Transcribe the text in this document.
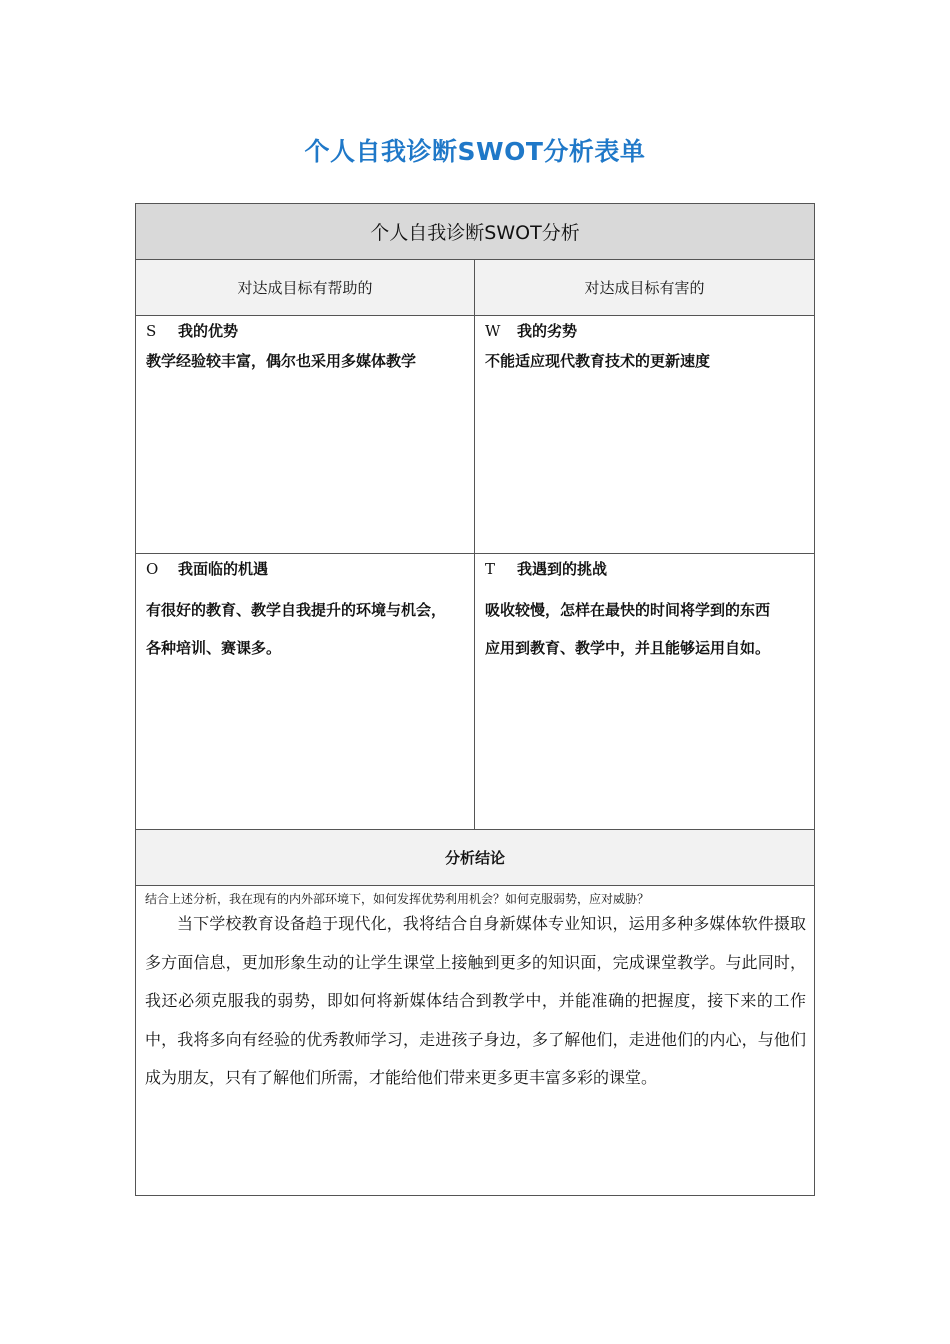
个人自我诊断SWOT分析表单
个人自我诊断SWOT分析
对达成目标有帮助的	对达成目标有害的
S 我的优势
教学经验较丰富，偶尔也采用多媒体教学
W 我的劣势
不能适应现代教育技术的更新速度
O 我面临的机遇
有很好的教育、教学自我提升的环境与机会，
各种培训、赛课多。
T 我遇到的挑战
吸收较慢，怎样在最快的时间将学到的东西
应用到教育、教学中，并且能够运用自如。
分析结论
结合上述分析，我在现有的内外部环境下，如何发挥优势利用机会？如何克服弱势，应对威胁？
当下学校教育设备趋于现代化，我将结合自身新媒体专业知识，运用多种多媒体软件摄取多方面信息，更加形象生动的让学生课堂上接触到更多的知识面，完成课堂教学。与此同时，我还必须克服我的弱势，即如何将新媒体结合到教学中，并能准确的把握度，接下来的工作中，我将多向有经验的优秀教师学习，走进孩子身边，多了解他们，走进他们的内心，与他们成为朋友，只有了解他们所需，才能给他们带来更多更丰富多彩的课堂。
